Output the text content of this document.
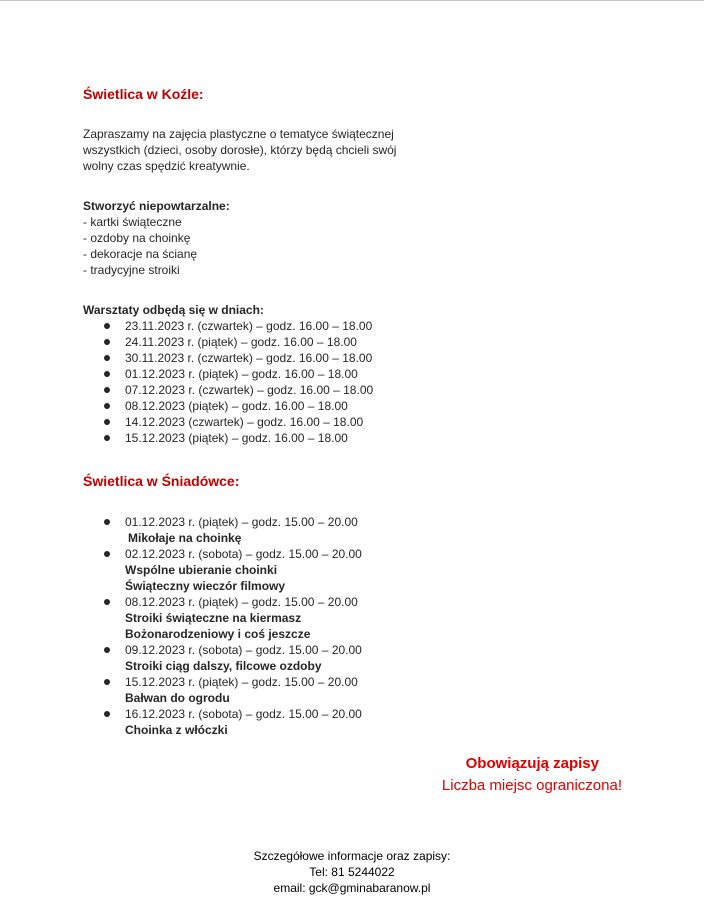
Świetlica w Koźle:

Zapraszamy na zajęcia plastyczne o tematyce świątecznej
wszystkich (dzieci, osoby dorosłe), którzy będą chcieli swój
wolny czas spędzić kreatywnie.

Stworzyć niepowtarzalne:
- kartki świąteczne
- ozdoby na choinkę
- dekoracje na ścianę
- tradycyjne stroiki

Warsztaty odbędą się w dniach:

23.11.2023 r. (czwartek) – godz. 16.00 – 18.00
24.11.2023 r. (piątek) – godz. 16.00 – 18.00
30.11.2023 r. (czwartek) – godz. 16.00 – 18.00
01.12.2023 r. (piątek) – godz. 16.00 – 18.00
07.12.2023 r. (czwartek) – godz. 16.00 – 18.00
08.12.2023 (piątek) – godz. 16.00 – 18.00
14.12.2023 (czwartek) – godz. 16.00 – 18.00
15.12.2023 (piątek) – godz. 16.00 – 18.00
Świetlica w Śniadówce:
01.12.2023 r. (piątek) – godz. 15.00 – 20.00
Mikołaje na choinkę
02.12.2023 r. (sobota) – godz. 15.00 – 20.00
Wspólne ubieranie choinki
Świąteczny wieczór filmowy
08.12.2023 r. (piątek) – godz. 15.00 – 20.00
Stroiki świąteczne na kiermasz
Bożonarodzeniowy i coś jeszcze
09.12.2023 r. (sobota) – godz. 15.00 – 20.00
Stroiki ciąg dalszy, filcowe ozdoby
15.12.2023 r. (piątek) – godz. 15.00 – 20.00
Bałwan do ogrodu
16.12.2023 r. (sobota) – godz. 15.00 – 20.00
Choinka z włóczki

Obowiązują zapisy

Liczba miejsc ograniczona!

Szczegółowe informacje oraz zapisy:
Tel: 81 5244022
email: gck@gminabaranow.pl
